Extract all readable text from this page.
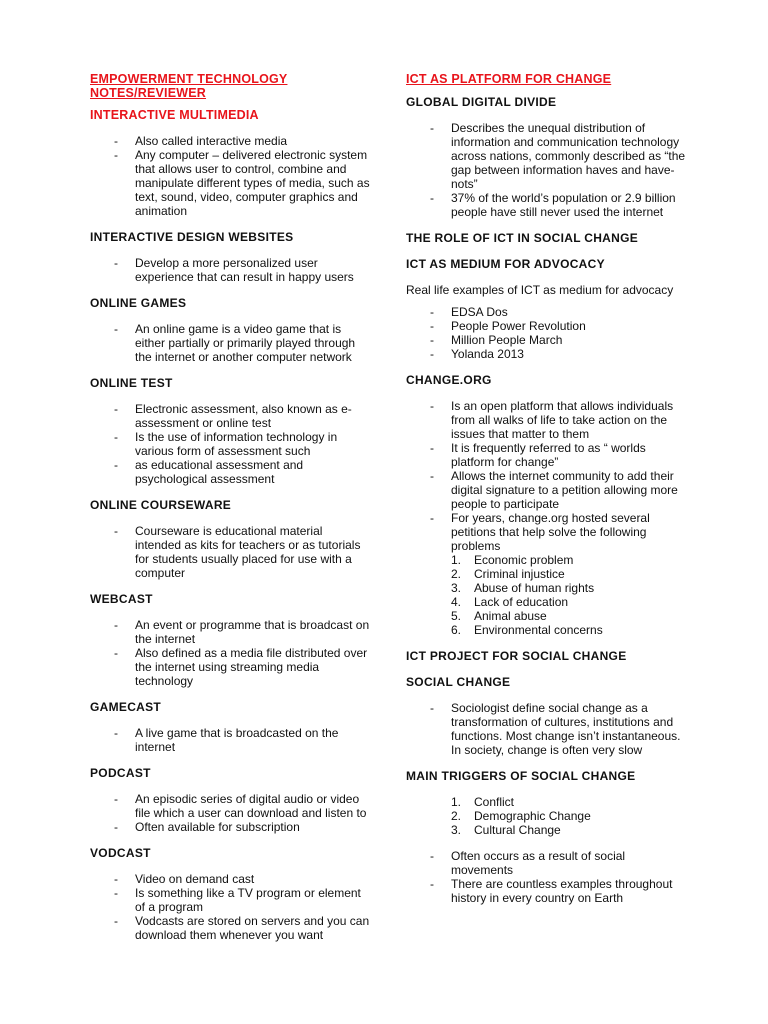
EMPOWERMENT TECHNOLOGY
NOTES/REVIEWER
INTERACTIVE MULTIMEDIA
- Also called interactive media
- Any computer – delivered electronic system that allows user to control, combine and manipulate different types of media, such as text, sound, video, computer graphics and animation
INTERACTIVE DESIGN WEBSITES
- Develop a more personalized user experience that can result in happy users
ONLINE GAMES
- An online game is a video game that is either partially or primarily played through the internet or another computer network
ONLINE TEST
- Electronic assessment, also known as e-assessment or online test
- Is the use of information technology in various form of assessment such
- as educational assessment and psychological assessment
ONLINE COURSEWARE
- Courseware is educational material intended as kits for teachers or as tutorials for students usually placed for use with a computer
WEBCAST
- An event or programme that is broadcast on the internet
- Also defined as a media file distributed over the internet using streaming media technology
GAMECAST
- A live game that is broadcasted on the internet
PODCAST
- An episodic series of digital audio or video file which a user can download and listen to
- Often available for subscription
VODCAST
- Video on demand cast
- Is something like a TV program or element of a program
- Vodcasts are stored on servers and you can download them whenever you want
ICT AS PLATFORM FOR CHANGE
GLOBAL DIGITAL DIVIDE
- Describes the unequal distribution of information and communication technology across nations, commonly described as “the gap between information haves and have-nots”
- 37% of the world’s population or 2.9 billion people have still never used the internet
THE ROLE OF ICT IN SOCIAL CHANGE
ICT AS MEDIUM FOR ADVOCACY

Real life examples of ICT as medium for advocacy

- EDSA Dos
- People Power Revolution
- Million People March
- Yolanda 2013
CHANGE.ORG
- Is an open platform that allows individuals from all walks of life to take action on the issues that matter to them
- It is frequently referred to as “ worlds platform for change”
- Allows the internet community to add their digital signature to a petition allowing more people to participate
- For years, change.org hosted several petitions that help solve the following problems
1. Economic problem
2. Criminal injustice
3. Abuse of human rights
4. Lack of education
5. Animal abuse
6. Environmental concerns
ICT PROJECT FOR SOCIAL CHANGE
SOCIAL CHANGE
- Sociologist define social change as a transformation of cultures, institutions and functions. Most change isn’t instantaneous. In society, change is often very slow
MAIN TRIGGERS OF SOCIAL CHANGE
1. Conflict
2. Demographic Change
3. Cultural Change
- Often occurs as a result of social movements
- There are countless examples throughout history in every country on Earth
